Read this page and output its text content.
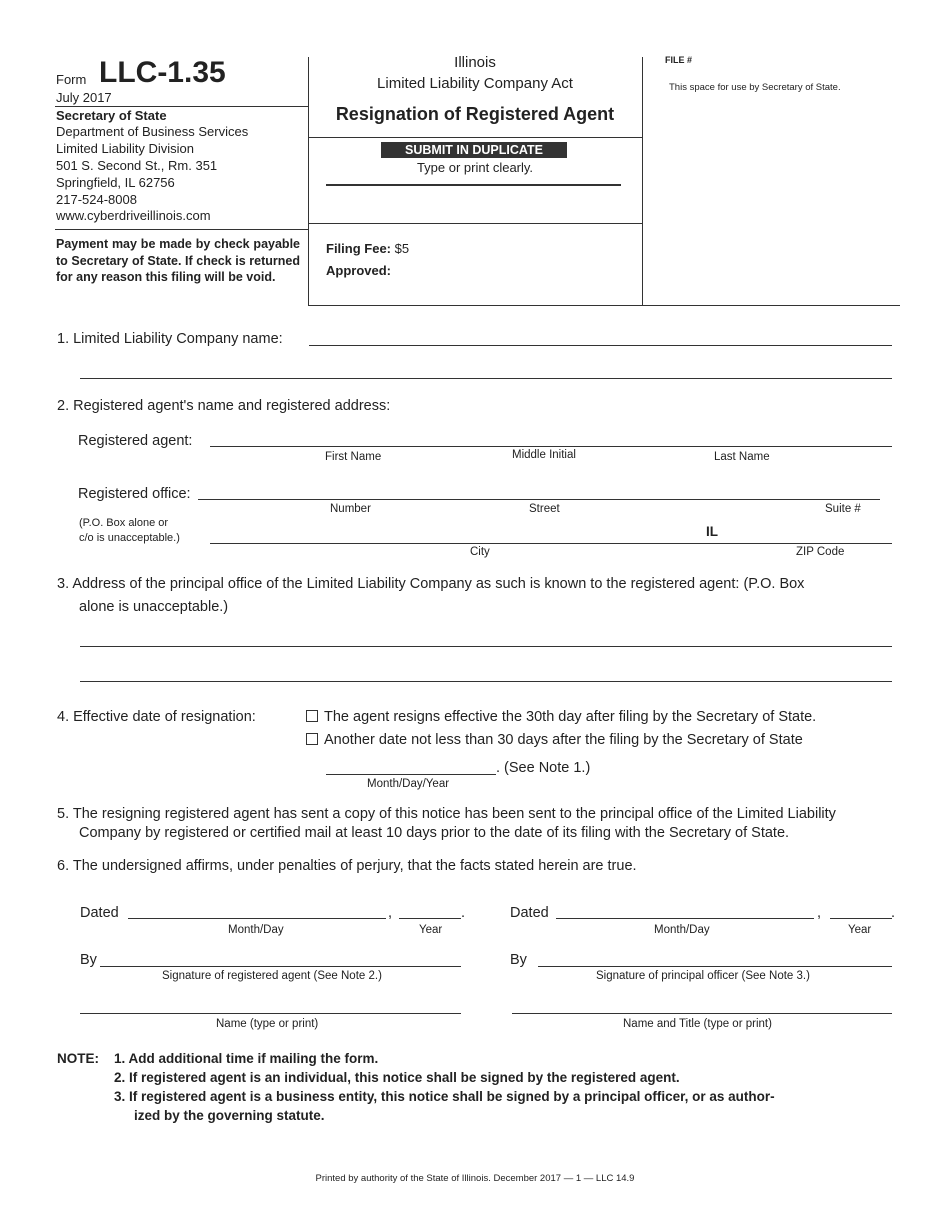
Form LLC-1.35
July 2017
Secretary of State
Department of Business Services
Limited Liability Division
501 S. Second St., Rm. 351
Springfield, IL 62756
217-524-8008
www.cyberdriveillinois.com
Payment may be made by check payable to Secretary of State. If check is returned for any reason this filing will be void.
Illinois
Limited Liability Company Act
Resignation of Registered Agent
SUBMIT IN DUPLICATE
Type or print clearly.
Filing Fee: $5
Approved:
FILE #
This space for use by Secretary of State.
1. Limited Liability Company name:
2. Registered agent's name and registered address:
Registered agent:
First Name	Middle Initial	Last Name
Registered office:
Number	Street	Suite #
(P.O. Box alone or
c/o is unacceptable.)	IL
City	ZIP Code
3. Address of the principal office of the Limited Liability Company as such is known to the registered agent: (P.O. Box
alone is unacceptable.)
4. Effective date of resignation:	The agent resigns effective the 30th day after filing by the Secretary of State.
Another date not less than 30 days after the filing by the Secretary of State
. (See Note 1.)
Month/Day/Year
5. The resigning registered agent has sent a copy of this notice has been sent to the principal office of the Limited Liability
Company by registered or certified mail at least 10 days prior to the date of its filing with the Secretary of State.
6. The undersigned affirms, under penalties of perjury, that the facts stated herein are true.
Dated	,	.
Month/Day	Year
By
Signature of registered agent (See Note 2.)
Name (type or print)
Dated	,	.
Month/Day	Year
By
Signature of principal officer (See Note 3.)
Name and Title (type or print)
NOTE: 1. Add additional time if mailing the form.
2. If registered agent is an individual, this notice shall be signed by the registered agent.
3. If registered agent is a business entity, this notice shall be signed by a principal officer, or as author-
ized by the governing statute.
Printed by authority of the State of Illinois. December 2017 — 1 — LLC 14.9
